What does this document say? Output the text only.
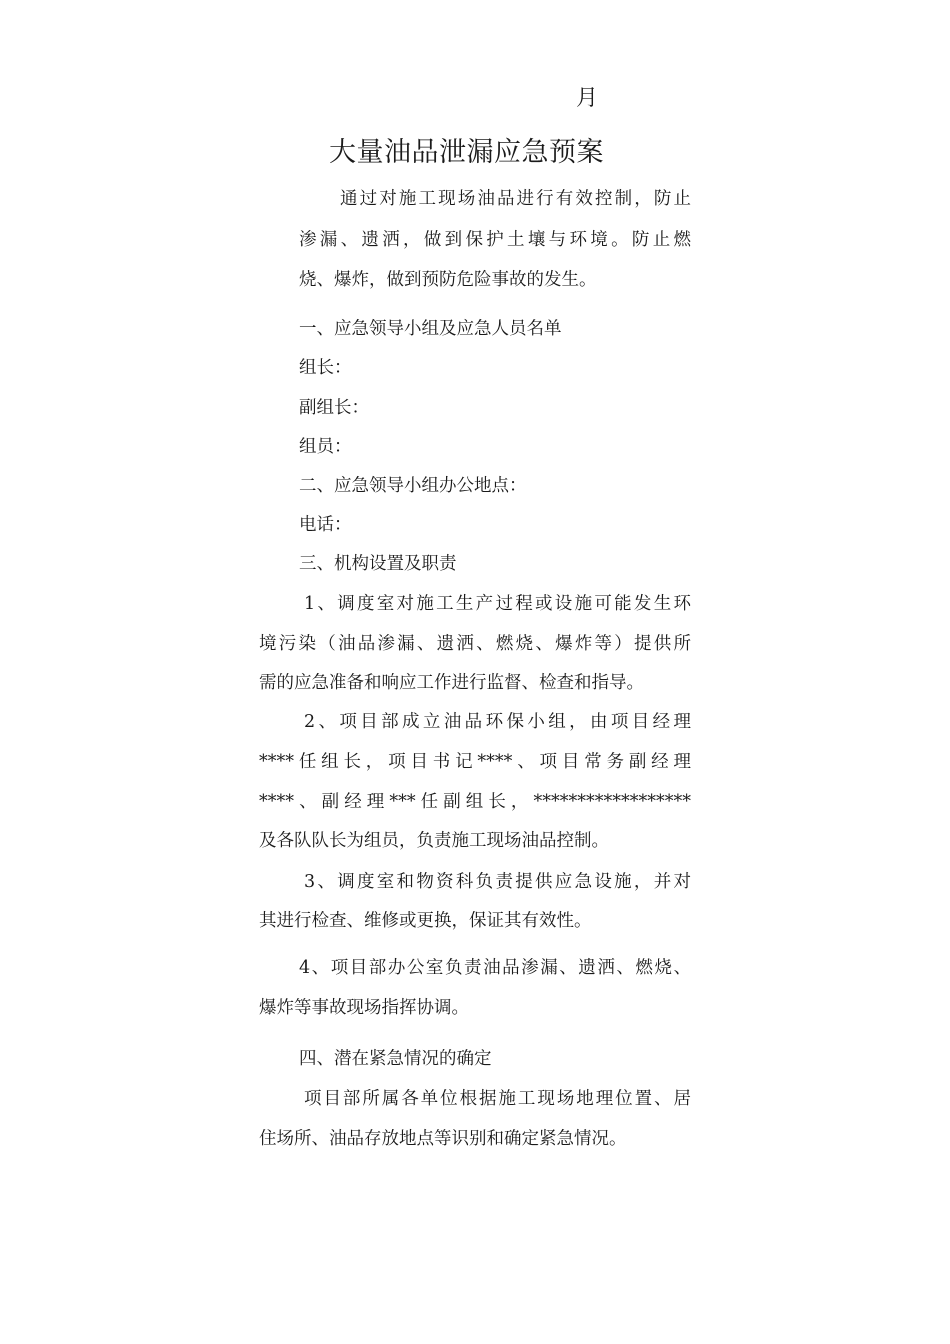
月
大量油品泄漏应急预案
通过对施工现场油品进行有效控制，防止
渗漏、遗洒，做到保护土壤与环境。防止燃
烧、爆炸，做到预防危险事故的发生。
一、应急领导小组及应急人员名单
组长：
副组长：
组员：
二、应急领导小组办公地点：
电话：
三、机构设置及职责
1、调度室对施工生产过程或设施可能发生环
境污染（油品渗漏、遗洒、燃烧、爆炸等）提供所
需的应急准备和响应工作进行监督、检查和指导。
2、项目部成立油品环保小组，由项目经理
****任组长，项目书记****、项目常务副经理
****、副经理***任副组长，******************
及各队队长为组员，负责施工现场油品控制。
3、调度室和物资科负责提供应急设施，并对
其进行检查、维修或更换，保证其有效性。
4、项目部办公室负责油品渗漏、遗洒、燃烧、
爆炸等事故现场指挥协调。
四、潜在紧急情况的确定
项目部所属各单位根据施工现场地理位置、居
住场所、油品存放地点等识别和确定紧急情况。
